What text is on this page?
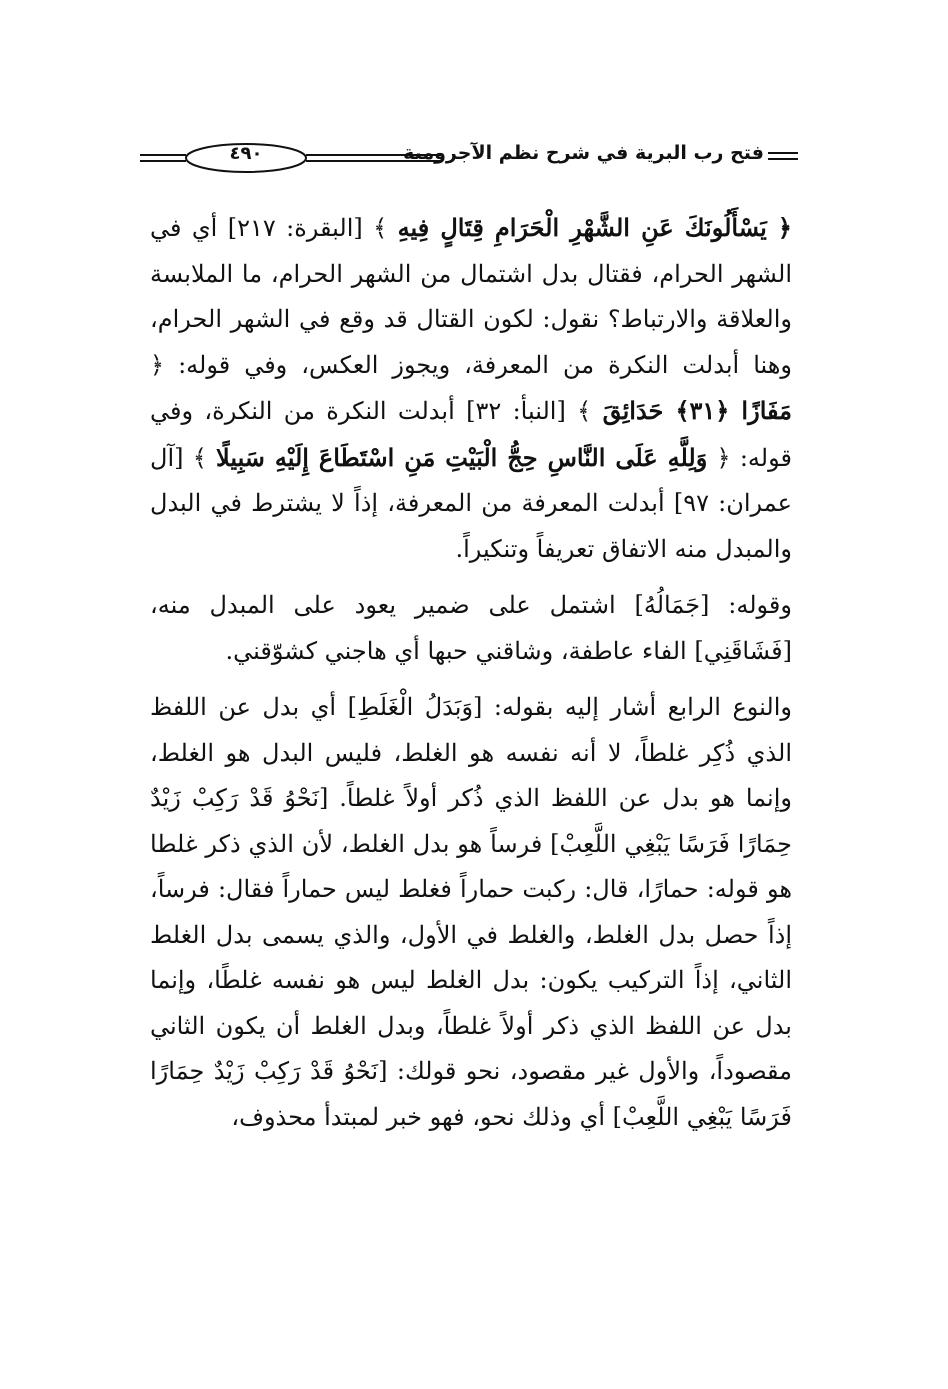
٤٩٠	فتح رب البرية في شرح نظم الآجرومية

﴿ يَسْأَلُونَكَ عَنِ الشَّهْرِ الْحَرَامِ قِتَالٍ فِيهِ ﴾ [البقرة: ٢١٧] أي في الشهر الحرام، فقتال بدل اشتمال من الشهر الحرام، ما الملابسة والعلاقة والارتباط؟ نقول: لكون القتال قد وقع في الشهر الحرام، وهنا أبدلت النكرة من المعرفة، ويجوز العكس، وفي قوله: ﴿ مَفَازًا ﴿٣١﴾ حَدَائِقَ ﴾ [النبأ: ٣٢] أبدلت النكرة من النكرة، وفي قوله: ﴿ وَلِلَّهِ عَلَى النَّاسِ حِجُّ الْبَيْتِ مَنِ اسْتَطَاعَ إِلَيْهِ سَبِيلًا ﴾ [آل عمران: ٩٧] أبدلت المعرفة من المعرفة، إذاً لا يشترط في البدل والمبدل منه الاتفاق تعريفاً وتنكيراً.

وقوله: [جَمَالُهُ] اشتمل على ضمير يعود على المبدل منه، [فَشَاقَنِي] الفاء عاطفة، وشاقني حبها أي هاجني كشوّقني.

والنوع الرابع أشار إليه بقوله: [وَبَدَلُ الْغَلَطِ] أي بدل عن اللفظ الذي ذُكِر غلطاً، لا أنه نفسه هو الغلط، فليس البدل هو الغلط، وإنما هو بدل عن اللفظ الذي ذُكر أولاً غلطاً. [نَحْوُ قَدْ رَكِبْ زَيْدٌ حِمَارًا فَرَسًا يَبْغِي اللَّعِبْ] فرساً هو بدل الغلط، لأن الذي ذكر غلطا هو قوله: حمارًا، قال: ركبت حماراً فغلط ليس حماراً فقال: فرساً، إذاً حصل بدل الغلط، والغلط في الأول، والذي يسمى بدل الغلط الثاني، إذاً التركيب يكون: بدل الغلط ليس هو نفسه غلطًا، وإنما بدل عن اللفظ الذي ذكر أولاً غلطاً، وبدل الغلط أن يكون الثاني مقصوداً، والأول غير مقصود، نحو قولك: [نَحْوُ قَدْ رَكِبْ زَيْدٌ حِمَارًا فَرَسًا يَبْغِي اللَّعِبْ] أي وذلك نحو، فهو خبر لمبتدأ محذوف،
